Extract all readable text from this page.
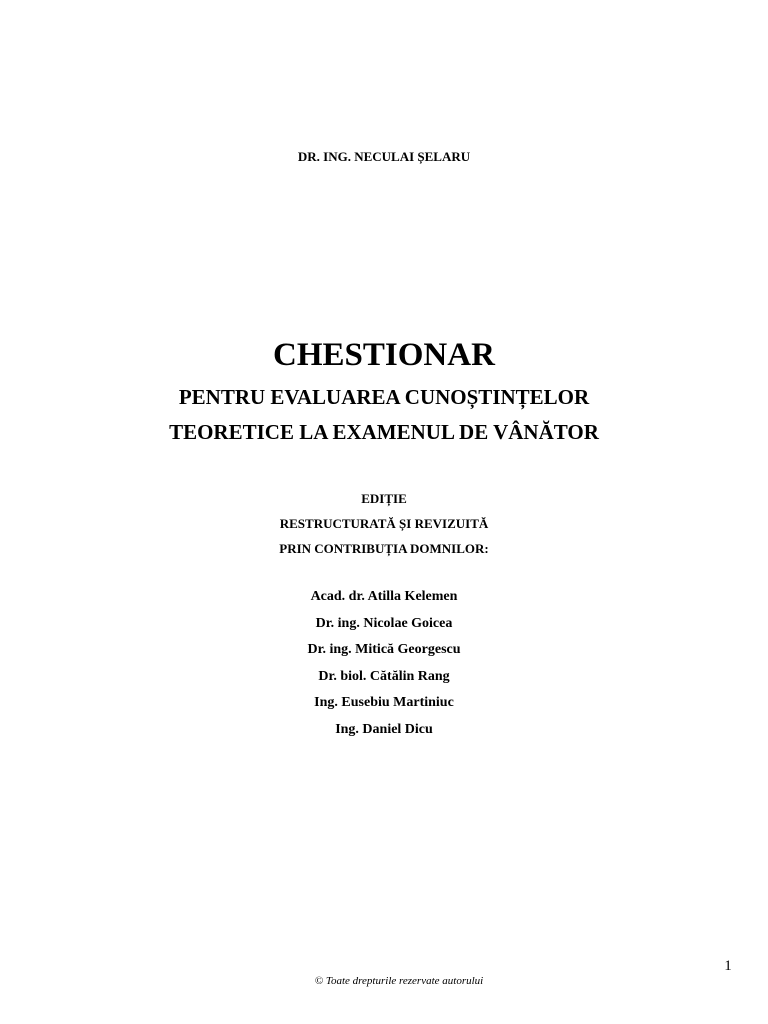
DR. ING. NECULAI ȘELARU
CHESTIONAR
PENTRU EVALUAREA CUNOȘTINȚELOR
TEORETICE LA EXAMENUL DE VÂNĂTOR
EDIȚIE
RESTRUCTURATĂ ȘI REVIZUITĂ
PRIN CONTRIBUȚIA DOMNILOR:
Acad. dr. Atilla Kelemen
Dr. ing. Nicolae Goicea
Dr. ing. Mitică Georgescu
Dr. biol. Cătălin Rang
Ing. Eusebiu Martiniuc
Ing. Daniel Dicu
1
© Toate drepturile rezervate autorului
